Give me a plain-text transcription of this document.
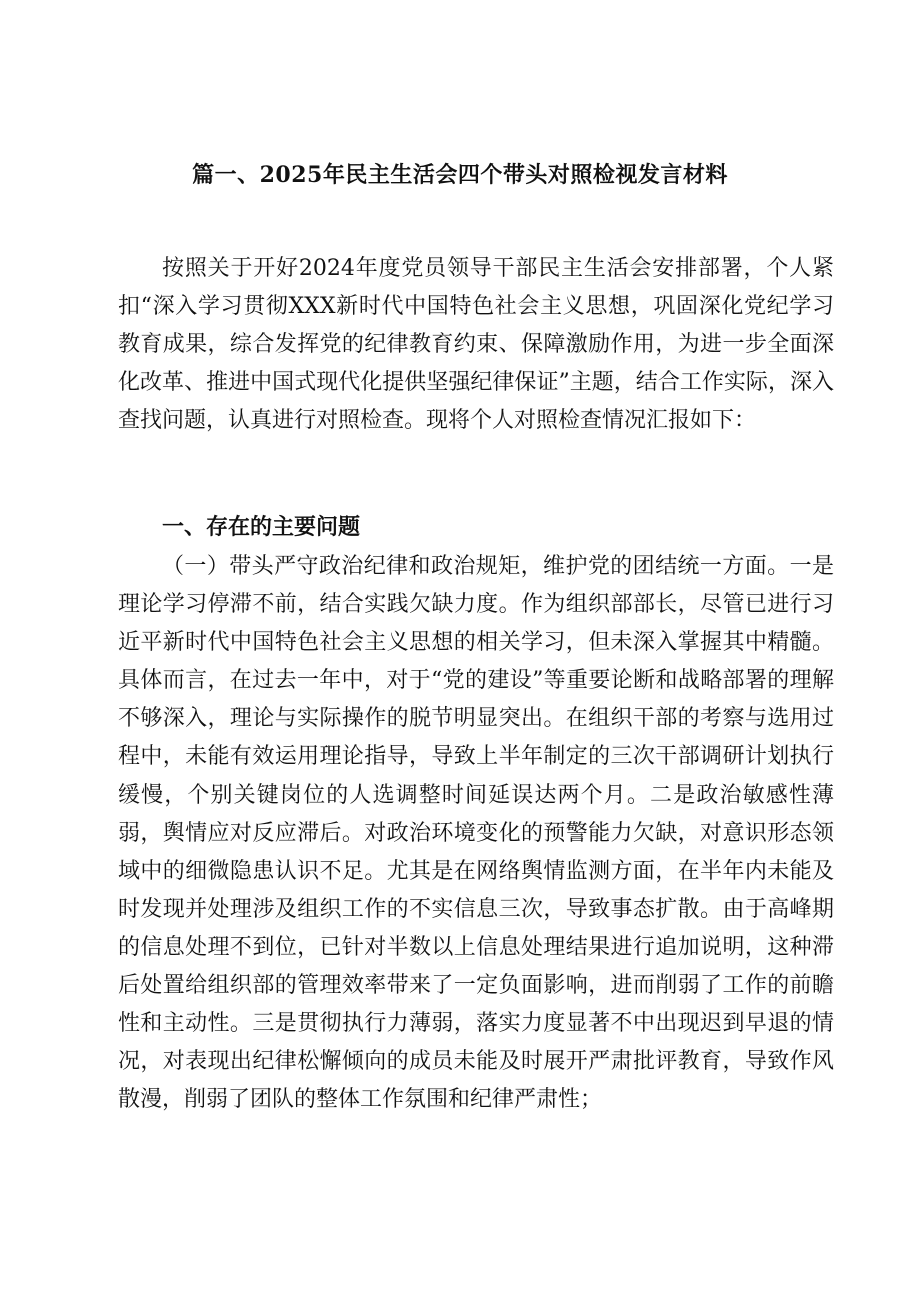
篇一、2025年民主生活会四个带头对照检视发言材料

按照关于开好2024年度党员领导干部民主生活会安排部署，个人紧扣“深入学习贯彻XXX新时代中国特色社会主义思想，巩固深化党纪学习教育成果，综合发挥党的纪律教育约束、保障激励作用，为进一步全面深化改革、推进中国式现代化提供坚强纪律保证”主题，结合工作实际，深入查找问题，认真进行对照检查。现将个人对照检查情况汇报如下：

一、存在的主要问题

（一）带头严守政治纪律和政治规矩，维护党的团结统一方面。一是理论学习停滞不前，结合实践欠缺力度。作为组织部部长，尽管已进行习近平新时代中国特色社会主义思想的相关学习，但未深入掌握其中精髓。具体而言，在过去一年中，对于“党的建设”等重要论断和战略部署的理解不够深入，理论与实际操作的脱节明显突出。在组织干部的考察与选用过程中，未能有效运用理论指导，导致上半年制定的三次干部调研计划执行缓慢，个别关键岗位的人选调整时间延误达两个月。二是政治敏感性薄弱，舆情应对反应滞后。对政治环境变化的预警能力欠缺，对意识形态领域中的细微隐患认识不足。尤其是在网络舆情监测方面，在半年内未能及时发现并处理涉及组织工作的不实信息三次，导致事态扩散。由于高峰期的信息处理不到位，已针对半数以上信息处理结果进行追加说明，这种滞后处置给组织部的管理效率带来了一定负面影响，进而削弱了工作的前瞻性和主动性。三是贯彻执行力薄弱，落实力度显著不中出现迟到早退的情况，对表现出纪律松懈倾向的成员未能及时展开严肃批评教育，导致作风散漫，削弱了团队的整体工作氛围和纪律严肃性；
